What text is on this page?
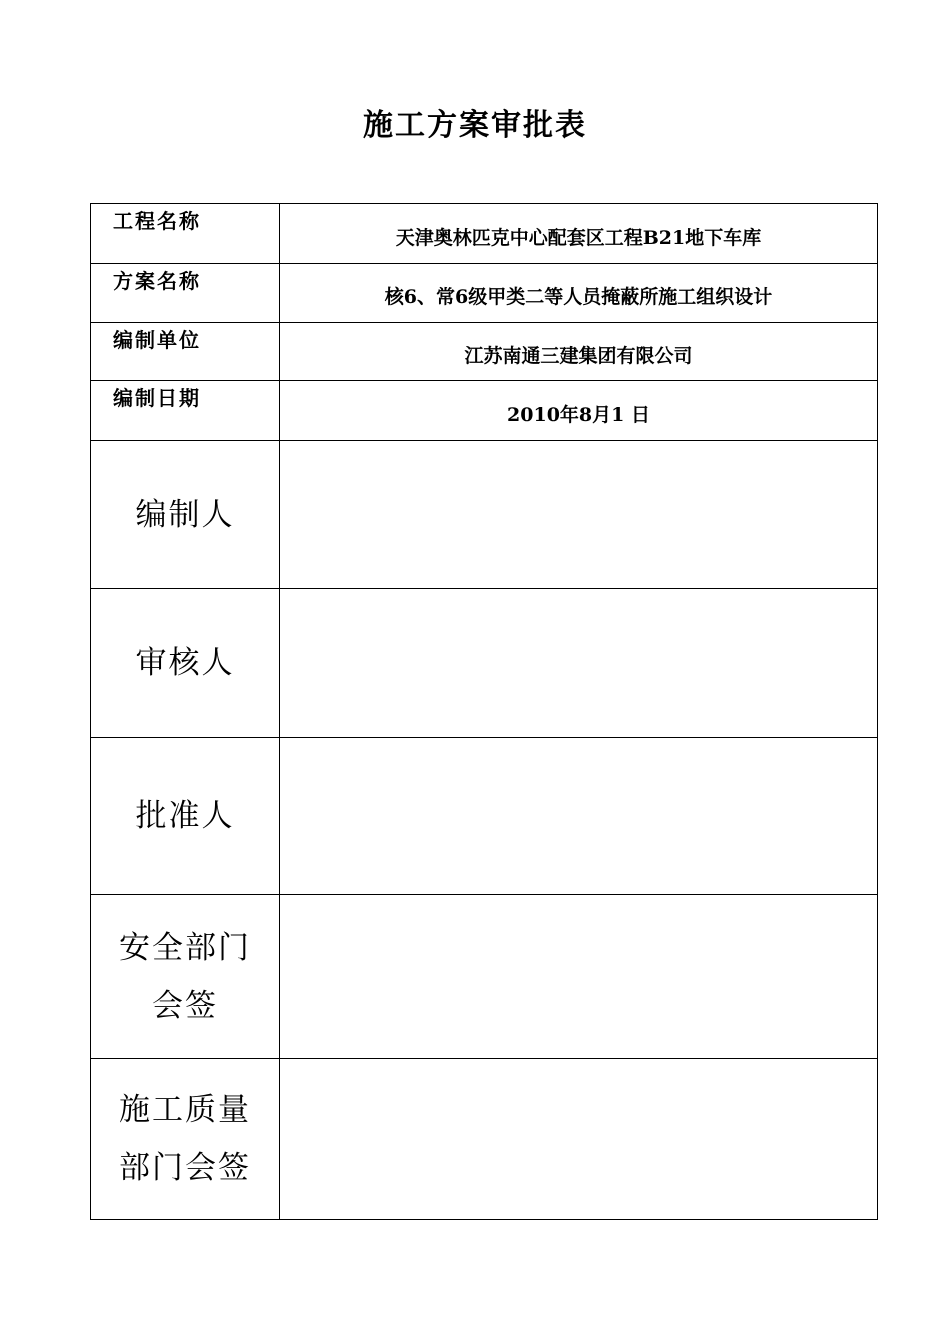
施工方案审批表
工程名称	天津奥林匹克中心配套区工程B21地下车库
方案名称	核6、常6级甲类二等人员掩蔽所施工组织设计
编制单位	江苏南通三建集团有限公司
编制日期	2010年8月1 日

编制人	

审核人	

批准人	

安全部门
会签	

施工质量
部门会签	
